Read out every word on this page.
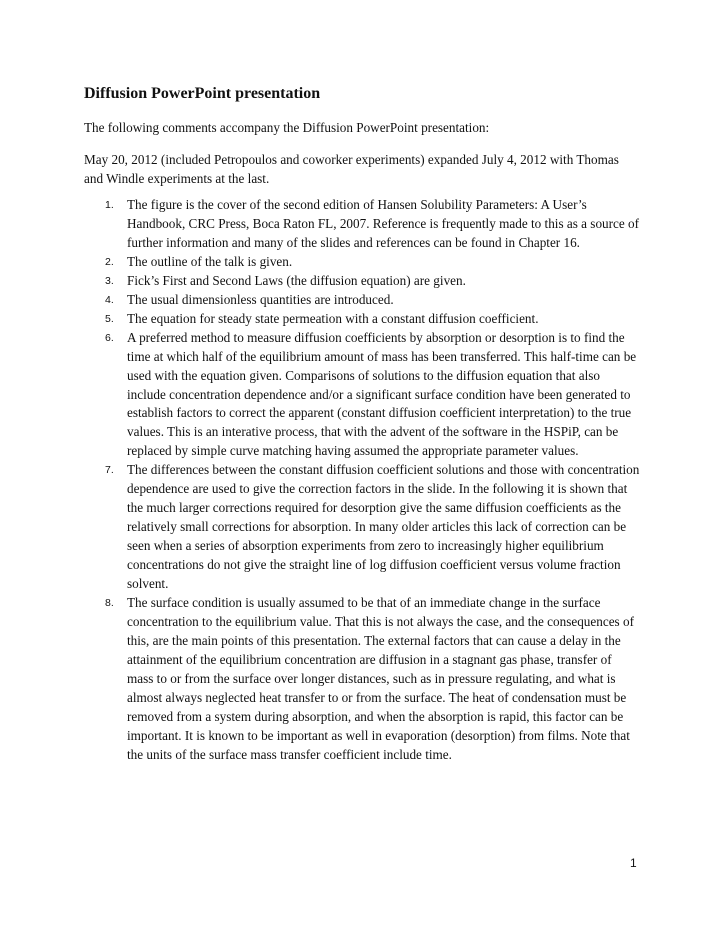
Diffusion PowerPoint presentation

The following comments accompany the Diffusion PowerPoint presentation:

May 20, 2012 (included Petropoulos and coworker experiments) expanded July 4, 2012 with Thomas and Windle experiments at the last.

1. The figure is the cover of the second edition of Hansen Solubility Parameters: A User’s Handbook, CRC Press, Boca Raton FL, 2007. Reference is frequently made to this as a source of further information and many of the slides and references can be found in Chapter 16.
2. The outline of the talk is given.
3. Fick’s First and Second Laws (the diffusion equation) are given.
4. The usual dimensionless quantities are introduced.
5. The equation for steady state permeation with a constant diffusion coefficient.
6. A preferred method to measure diffusion coefficients by absorption or desorption is to find the time at which half of the equilibrium amount of mass has been transferred. This half-time can be used with the equation given. Comparisons of solutions to the diffusion equation that also include concentration dependence and/or a significant surface condition have been generated to establish factors to correct the apparent (constant diffusion coefficient interpretation) to the true values. This is an interative process, that with the advent of the software in the HSPiP, can be replaced by simple curve matching having assumed the appropriate parameter values.
7. The differences between the constant diffusion coefficient solutions and those with concentration dependence are used to give the correction factors in the slide. In the following it is shown that the much larger corrections required for desorption give the same diffusion coefficients as the relatively small corrections for absorption. In many older articles this lack of correction can be seen when a series of absorption experiments from zero to increasingly higher equilibrium concentrations do not give the straight line of log diffusion coefficient versus volume fraction solvent.
8. The surface condition is usually assumed to be that of an immediate change in the surface concentration to the equilibrium value. That this is not always the case, and the consequences of this, are the main points of this presentation. The external factors that can cause a delay in the attainment of the equilibrium concentration are diffusion in a stagnant gas phase, transfer of mass to or from the surface over longer distances, such as in pressure regulating, and what is almost always neglected heat transfer to or from the surface. The heat of condensation must be removed from a system during absorption, and when the absorption is rapid, this factor can be important. It is known to be important as well in evaporation (desorption) from films. Note that the units of the surface mass transfer coefficient include time.
1
